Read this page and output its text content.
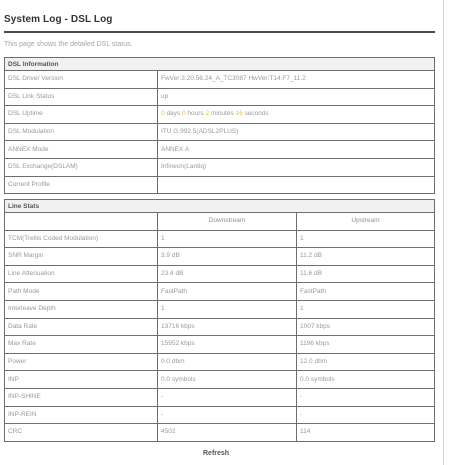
System Log - DSL Log
This page shows the detailed DSL status.
DSL Information	
DSL Driver Version	FwVer:3.20.56.24_A_TC3087 HwVer:T14.F7_11.2
DSL Link Status	up
DSL Uptime	0 days 0 hours 2 minutes 16 seconds
DSL Modulation	ITU G.992.5(ADSL2PLUS)
ANNEX Mode	ANNEX A
DSL Exchange(DSLAM)	Infineon(Lantiq)
Current Profile	
Line Stats		
	Downstream	Upstream
TCM(Trellis Coded Modulation)	1	1
SNR Margin	3.9 dB	11.2 dB
Line Attenuation	23.4 dB	11.6 dB
Path Mode	FastPath	FastPath
Interleave Depth	1	1
Data Rate	13716 kbps	1007 kbps
Max Rate	15952 kbps	1196 kbps
Power	0.0 dbm	12.0 dbm
INP	0.0 symbols	0.0 symbols
INP-SHINE	-	-
INP-REIN	-	-
CRC	4502	114
Refresh
